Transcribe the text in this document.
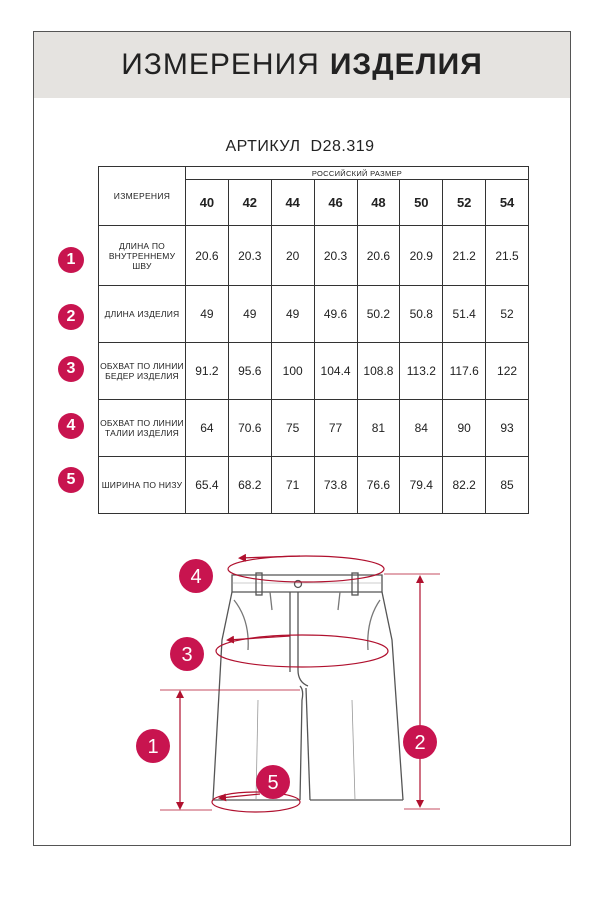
ИЗМЕРЕНИЯ ИЗДЕЛИЯ
АРТИКУЛ D28.319
ИЗМЕРЕНИЯ	РОССИЙСКИЙ РАЗМЕР							
	40	42	44	46	48	50	52	54
ДЛИНА ПО ВНУТРЕННЕМУ ШВУ	20.6	20.3	20	20.3	20.6	20.9	21.2	21.5
ДЛИНА ИЗДЕЛИЯ	49	49	49	49.6	50.2	50.8	51.4	52
ОБХВАТ ПО ЛИНИИ БЕДЕР ИЗДЕЛИЯ	91.2	95.6	100	104.4	108.8	113.2	117.6	122
ОБХВАТ ПО ЛИНИИ ТАЛИИ ИЗДЕЛИЯ	64	70.6	75	77	81	84	90	93
ШИРИНА ПО НИЗУ	65.4	68.2	71	73.8	76.6	79.4	82.2	85
1
2
3
4
5
4
3
1	2
5
